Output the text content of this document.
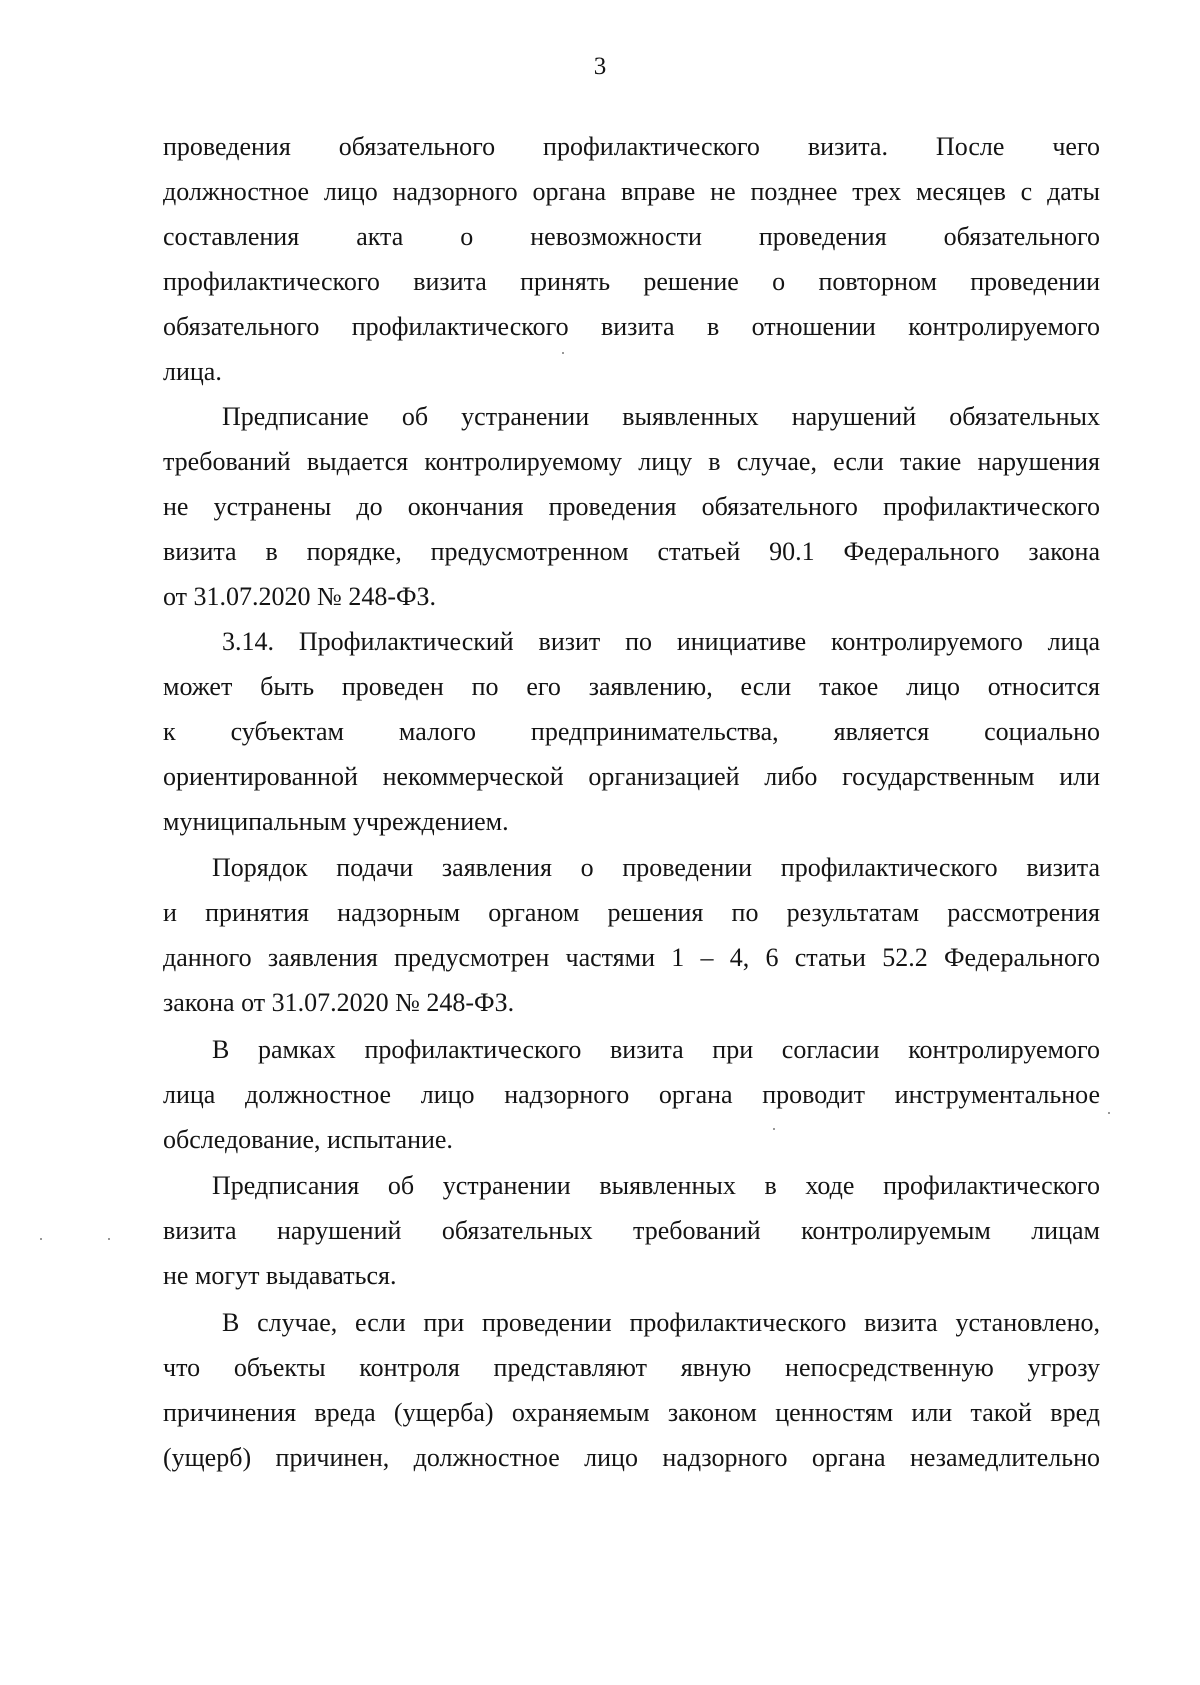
3
проведения обязательного профилактического визита. После чего
должностное лицо надзорного органа вправе не позднее трех месяцев с даты
составления акта о невозможности проведения обязательного
профилактического визита принять решение о повторном проведении
обязательного профилактического визита в отношении контролируемого
лица.
Предписание об устранении выявленных нарушений обязательных
требований выдается контролируемому лицу в случае, если такие нарушения
не устранены до окончания проведения обязательного профилактического
визита в порядке, предусмотренном статьей 90.1 Федерального закона
от 31.07.2020 № 248-ФЗ.
3.14. Профилактический визит по инициативе контролируемого лица
может быть проведен по его заявлению, если такое лицо относится
к субъектам малого предпринимательства, является социально
ориентированной некоммерческой организацией либо государственным или
муниципальным учреждением.
Порядок подачи заявления о проведении профилактического визита
и принятия надзорным органом решения по результатам рассмотрения
данного заявления предусмотрен частями 1 – 4, 6 статьи 52.2 Федерального
закона от 31.07.2020 № 248-ФЗ.
В рамках профилактического визита при согласии контролируемого
лица должностное лицо надзорного органа проводит инструментальное
обследование, испытание.
Предписания об устранении выявленных в ходе профилактического
визита нарушений обязательных требований контролируемым лицам
не могут выдаваться.
В случае, если при проведении профилактического визита установлено,
что объекты контроля представляют явную непосредственную угрозу
причинения вреда (ущерба) охраняемым законом ценностям или такой вред
(ущерб) причинен, должностное лицо надзорного органа незамедлительно
